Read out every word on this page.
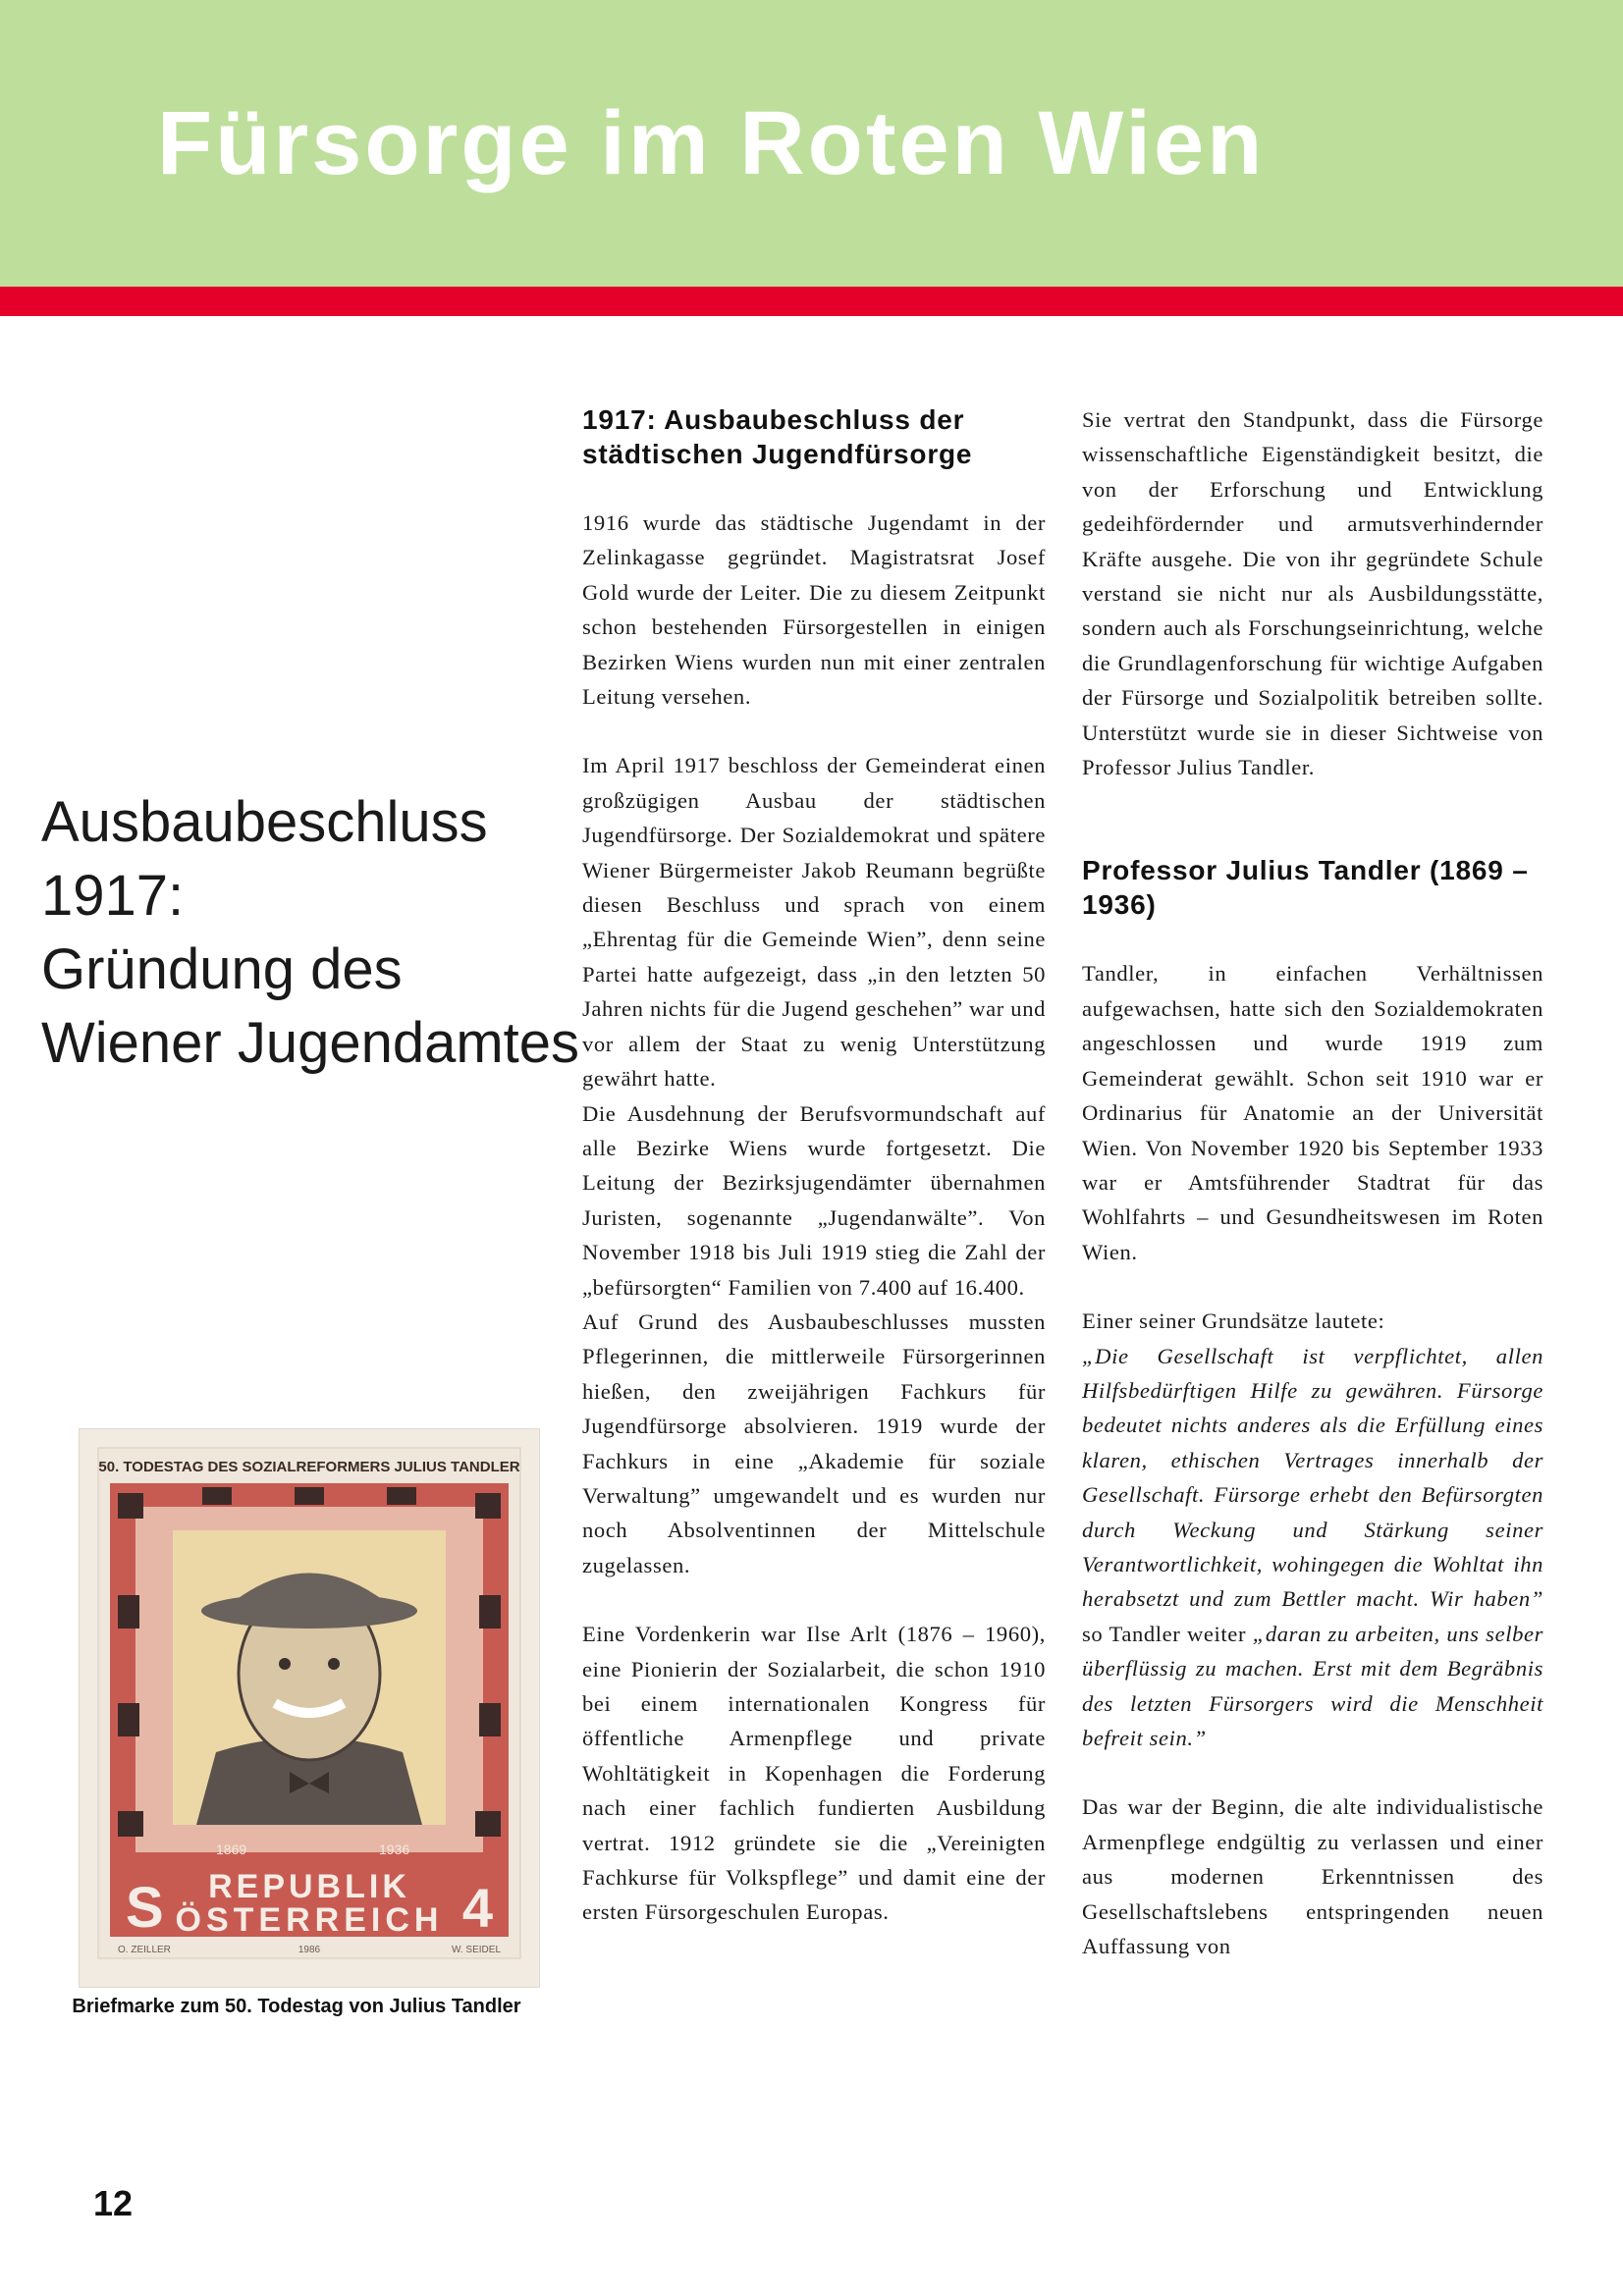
Fürsorge im Roten Wien
Ausbaubeschluss
1917:
Gründung des
Wiener Jugendamtes
50. TODESTAG DES SOZIALREFORMERS JULIUS TANDLER
1869	1936
S REPUBLIK
ÖSTERREICH 4
O. ZEILLER	1986	W. SEIDEL
Briefmarke zum 50. Todestag von Julius Tandler
1917: Ausbaubeschluss der städtischen Jugendfürsorge

1916 wurde das städtische Jugendamt in der Zelinkagasse gegründet. Magistratsrat Josef Gold wurde der Leiter. Die zu diesem Zeitpunkt schon bestehenden Fürsorgestellen in einigen Bezirken Wiens wurden nun mit einer zentralen Leitung versehen.

Im April 1917 beschloss der Gemeinderat einen großzügigen Ausbau der städtischen Jugendfürsorge. Der Sozialdemokrat und spätere Wiener Bürgermeister Jakob Reumann begrüßte diesen Beschluss und sprach von einem „Ehrentag für die Gemeinde Wien”, denn seine Partei hatte aufgezeigt, dass „in den letzten 50 Jahren nichts für die Jugend geschehen” war und vor allem der Staat zu wenig Unterstützung gewährt hatte.

Die Ausdehnung der Berufsvormundschaft auf alle Bezirke Wiens wurde fortgesetzt. Die Leitung der Bezirksjugendämter übernahmen Juristen, sogenannte „Jugendanwälte”. Von November 1918 bis Juli 1919 stieg die Zahl der „befürsorgten“ Familien von 7.400 auf 16.400.

Auf Grund des Ausbaubeschlusses mussten Pflegerinnen, die mittlerweile Fürsorgerinnen hießen, den zweijährigen Fachkurs für Jugendfürsorge absolvieren. 1919 wurde der Fachkurs in eine „Akademie für soziale Verwaltung” umgewandelt und es wurden nur noch Absolventinnen der Mittelschule zugelassen.

Eine Vordenkerin war Ilse Arlt (1876 – 1960), eine Pionierin der Sozialarbeit, die schon 1910 bei einem internationalen Kongress für öffentliche Armenpflege und private Wohltätigkeit in Kopenhagen die Forderung nach einer fachlich fundierten Ausbildung vertrat. 1912 gründete sie die „Vereinigten Fachkurse für Volkspflege” und damit eine der ersten Fürsorgeschulen Europas.

Sie vertrat den Standpunkt, dass die Fürsorge wissenschaftliche Eigenständigkeit besitzt, die von der Erforschung und Entwicklung gedeihfördernder und armutsverhindernder Kräfte ausgehe. Die von ihr gegründete Schule verstand sie nicht nur als Ausbildungsstätte, sondern auch als Forschungseinrichtung, welche die Grundlagenforschung für wichtige Aufgaben der Fürsorge und Sozialpolitik betreiben sollte. Unterstützt wurde sie in dieser Sichtweise von Professor Julius Tandler.

Professor Julius Tandler (1869 – 1936)

Tandler, in einfachen Verhältnissen aufgewachsen, hatte sich den Sozialdemokraten angeschlossen und wurde 1919 zum Gemeinderat gewählt. Schon seit 1910 war er Ordinarius für Anatomie an der Universität Wien. Von November 1920 bis September 1933 war er Amtsführender Stadtrat für das Wohlfahrts – und Gesundheitswesen im Roten Wien.

Einer seiner Grundsätze lautete:

„Die Gesellschaft ist verpflichtet, allen Hilfsbedürftigen Hilfe zu gewähren. Fürsorge bedeutet nichts anderes als die Erfüllung eines klaren, ethischen Vertrages innerhalb der Gesellschaft. Fürsorge erhebt den Befürsorgten durch Weckung und Stärkung seiner Verantwortlichkeit, wohingegen die Wohltat ihn herabsetzt und zum Bettler macht. Wir haben” so Tandler weiter „daran zu arbeiten, uns selber überflüssig zu machen. Erst mit dem Begräbnis des letzten Fürsorgers wird die Menschheit befreit sein.”

Das war der Beginn, die alte individualistische Armenpflege endgültig zu verlassen und einer aus modernen Erkenntnissen des Gesellschaftslebens entspringenden neuen Auffassung von

12
